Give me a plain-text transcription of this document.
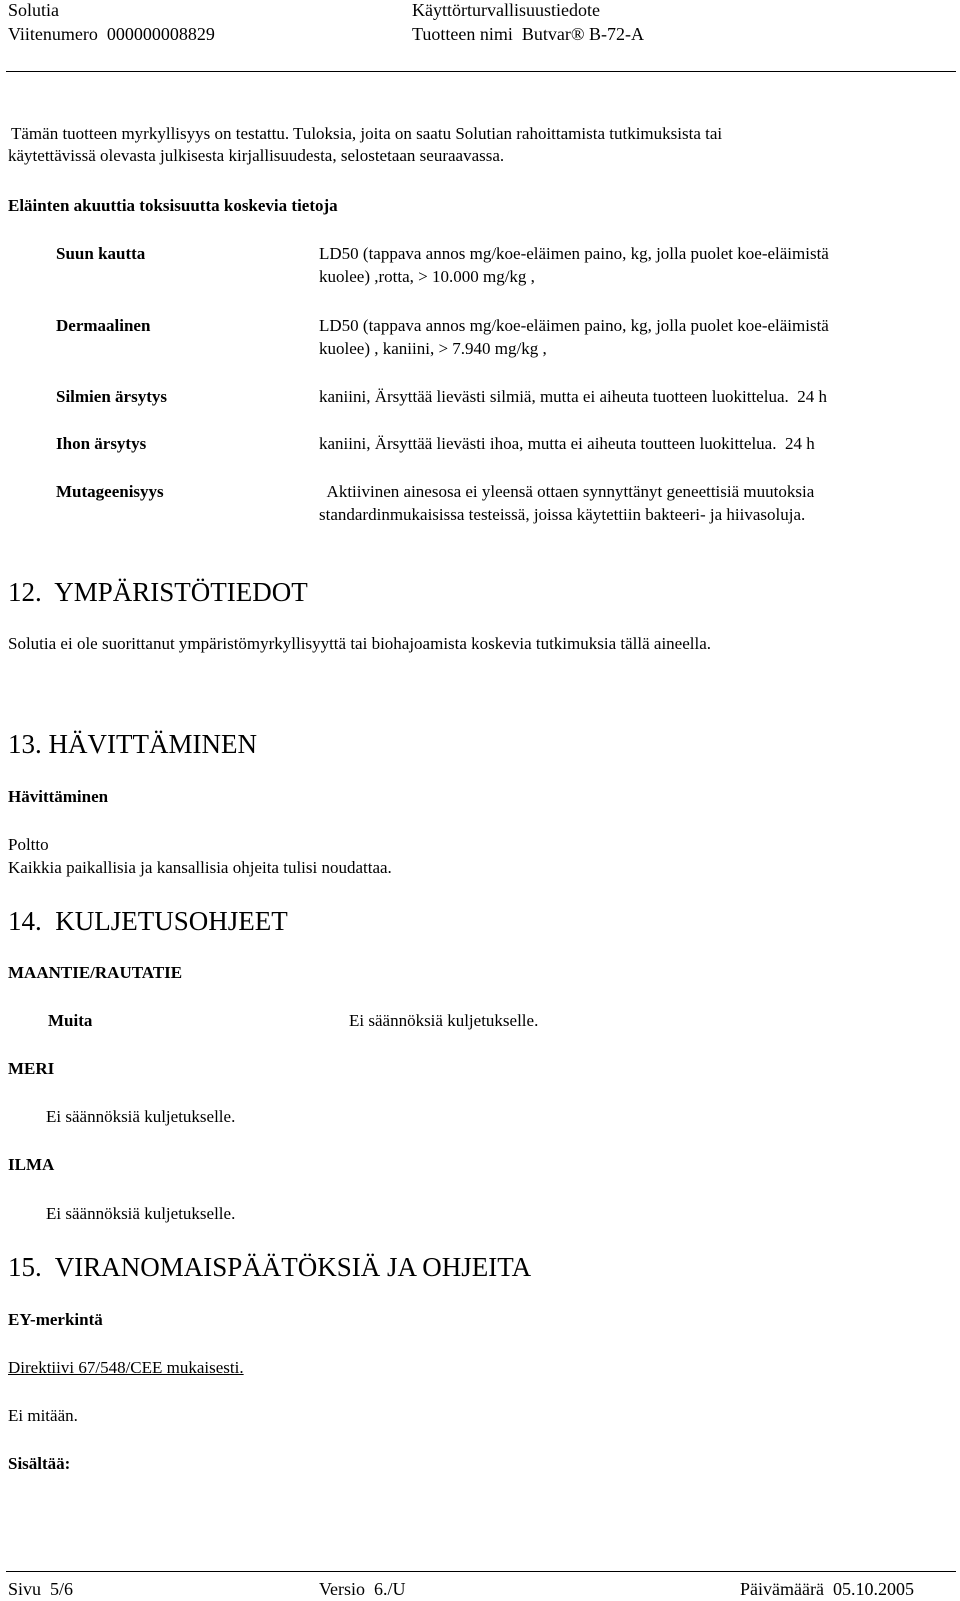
Solutia	Käyttörturvallisuustiedote
Viitenumero 000000008829	Tuotteen nimi Butvar® B-72-A
Tämän tuotteen myrkyllisyys on testattu. Tuloksia, joita on saatu Solutian rahoittamista tutkimuksista tai
käytettävissä olevasta julkisesta kirjallisuudesta, selostetaan seuraavassa.
Eläinten akuuttia toksisuutta koskevia tietoja
Suun kautta	LD50 (tappava annos mg/koe-eläimen paino, kg, jolla puolet koe-eläimistä
kuolee) ,rotta, > 10.000 mg/kg ,
Dermaalinen	LD50 (tappava annos mg/koe-eläimen paino, kg, jolla puolet koe-eläimistä
kuolee) , kaniini, > 7.940 mg/kg ,
Silmien ärsytys	kaniini, Ärsyttää lievästi silmiä, mutta ei aiheuta tuotteen luokittelua.  24 h
Ihon ärsytys	kaniini, Ärsyttää lievästi ihoa, mutta ei aiheuta toutteen luokittelua.  24 h
Mutageenisyys	Aktiivinen ainesosa ei yleensä ottaen synnyttänyt geneettisiä muutoksia
standardinmukaisissa testeissä, joissa käytettiin bakteeri- ja hiivasoluja.
12.  YMPÄRISTÖTIEDOT
Solutia ei ole suorittanut ympäristömyrkyllisyyttä tai biohajoamista koskevia tutkimuksia tällä aineella.
13. HÄVITTÄMINEN
Hävittäminen
Poltto
Kaikkia paikallisia ja kansallisia ohjeita tulisi noudattaa.
14.  KULJETUSOHJEET
MAANTIE/RAUTATIE
Muita	Ei säännöksiä kuljetukselle.
MERI
Ei säännöksiä kuljetukselle.
ILMA
Ei säännöksiä kuljetukselle.
15.  VIRANOMAISPÄÄTÖKSIÄ JA OHJEITA
EY-merkintä
Direktiivi 67/548/CEE mukaisesti.
Ei mitään.
Sisältää:
Sivu  5/6	Versio  6./U	Päivämäärä  05.10.2005
